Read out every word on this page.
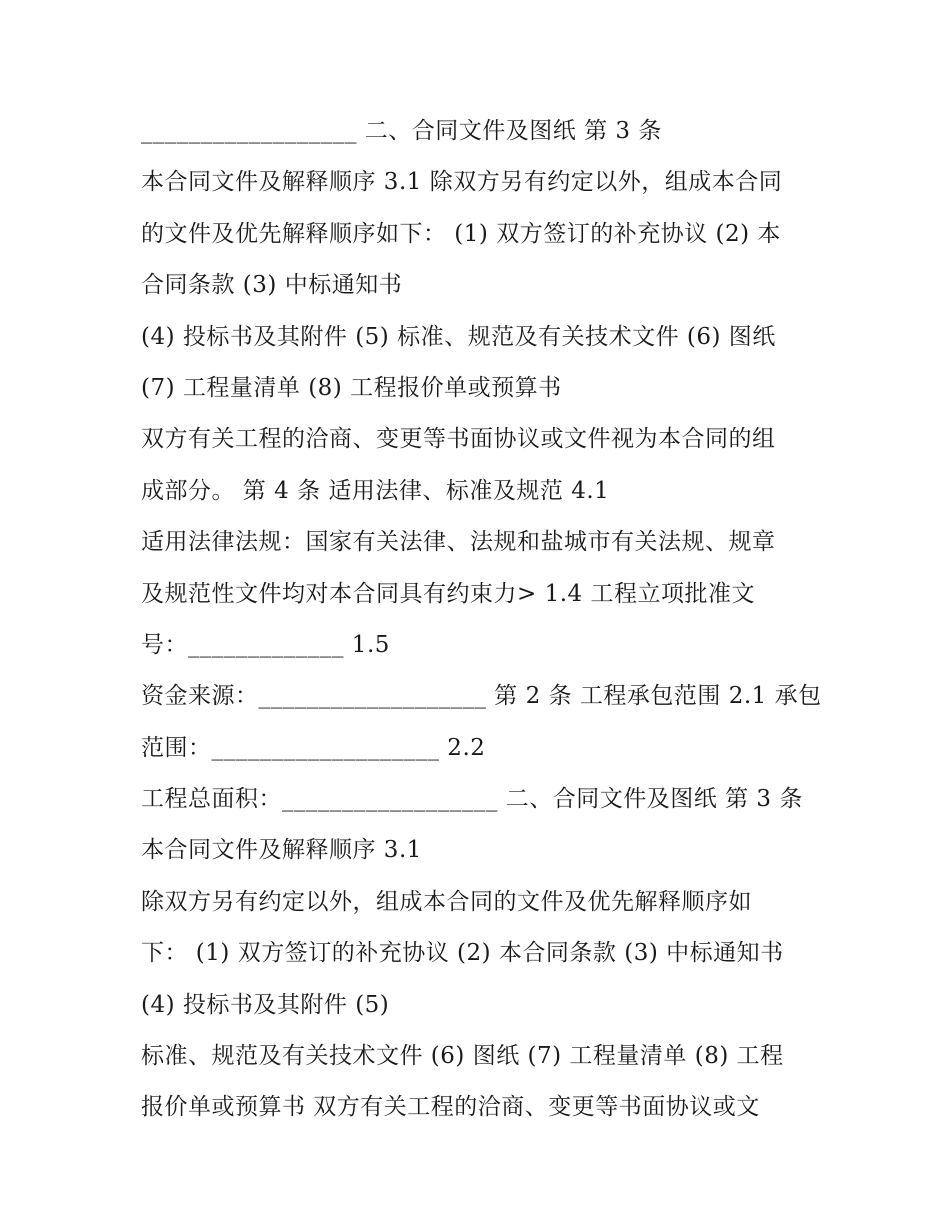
__________________ 二、合同文件及图纸 第 3 条
本合同文件及解释顺序 3.1 除双方另有约定以外，组成本合同
的文件及优先解释顺序如下： (1) 双方签订的补充协议 (2) 本
合同条款 (3) 中标通知书
(4) 投标书及其附件 (5) 标准、规范及有关技术文件 (6) 图纸
(7) 工程量清单 (8) 工程报价单或预算书
双方有关工程的洽商、变更等书面协议或文件视为本合同的组
成部分。 第 4 条 适用法律、标准及规范 4.1
适用法律法规：国家有关法律、法规和盐城市有关法规、规章
及规范性文件均对本合同具有约束力> 1.4 工程立项批准文
号：_____________ 1.5
资金来源：___________________ 第 2 条 工程承包范围 2.1 承包
范围：___________________ 2.2
工程总面积：__________________ 二、合同文件及图纸 第 3 条
本合同文件及解释顺序 3.1
除双方另有约定以外，组成本合同的文件及优先解释顺序如
下： (1) 双方签订的补充协议 (2) 本合同条款 (3) 中标通知书
(4) 投标书及其附件 (5)
标准、规范及有关技术文件 (6) 图纸 (7) 工程量清单 (8) 工程
报价单或预算书 双方有关工程的洽商、变更等书面协议或文
